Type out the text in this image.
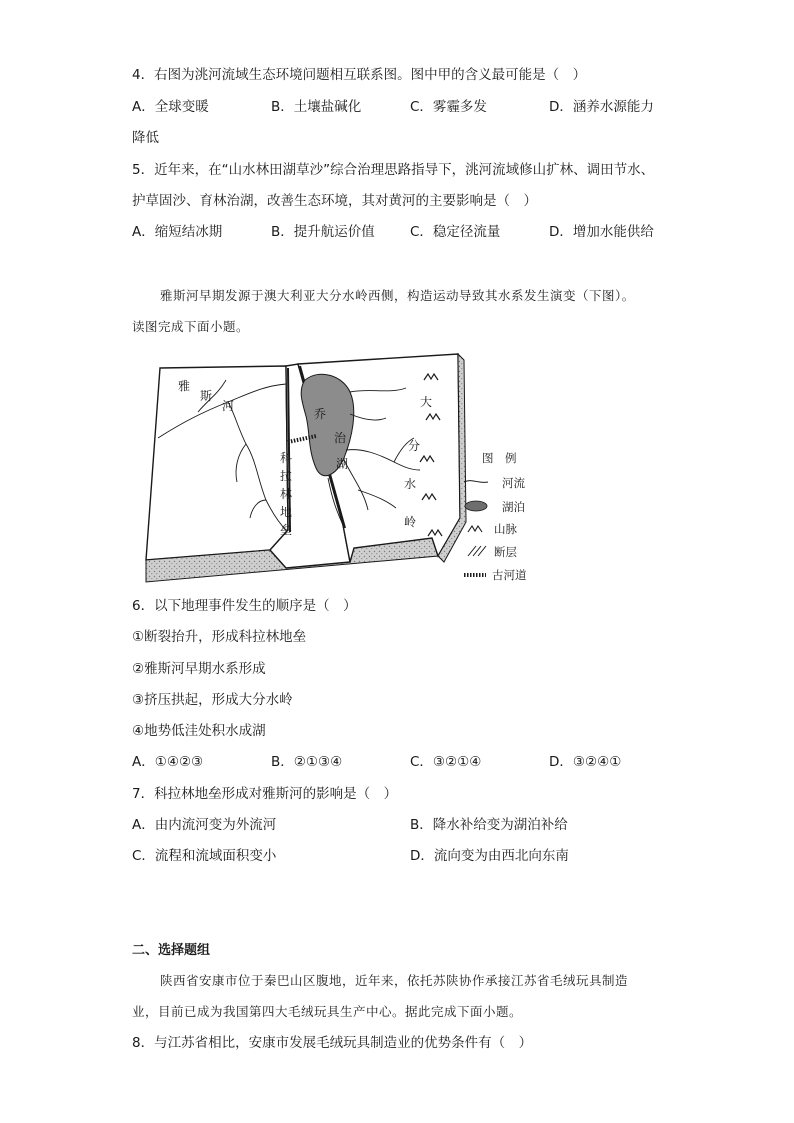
4．右图为洮河流域生态环境问题相互联系图。图中甲的含义最可能是（　）
A．全球变暖	B．土壤盐碱化	C．雾霾多发	D．涵养水源能力
降低
5．近年来，在“山水林田湖草沙”综合治理思路指导下，洮河流域修山扩林、调田节水、
护草固沙、育林治湖，改善生态环境，其对黄河的主要影响是（　）
A．缩短结冰期	B．提升航运价值	C．稳定径流量	D．增加水能供给
雅斯河早期发源于澳大利亚大分水岭西侧，构造运动导致其水系发生演变（下图）。
读图完成下面小题。
雅
斯
河
科
拉
林
地
垒
乔
治
湖
大
分
水
岭
图　例
河流
湖泊
山脉
断层
古河道
6．以下地理事件发生的顺序是（　）
①断裂抬升，形成科拉林地垒
②雅斯河早期水系形成
③挤压拱起，形成大分水岭
④地势低洼处积水成湖
A．①④②③	B．②①③④	C．③②①④	D．③②④①
7．科拉林地垒形成对雅斯河的影响是（　）
A．由内流河变为外流河	B．降水补给变为湖泊补给
C．流程和流域面积变小	D．流向变为由西北向东南
二、选择题组
陕西省安康市位于秦巴山区腹地，近年来，依托苏陕协作承接江苏省毛绒玩具制造
业，目前已成为我国第四大毛绒玩具生产中心。据此完成下面小题。
8．与江苏省相比，安康市发展毛绒玩具制造业的优势条件有（　）
